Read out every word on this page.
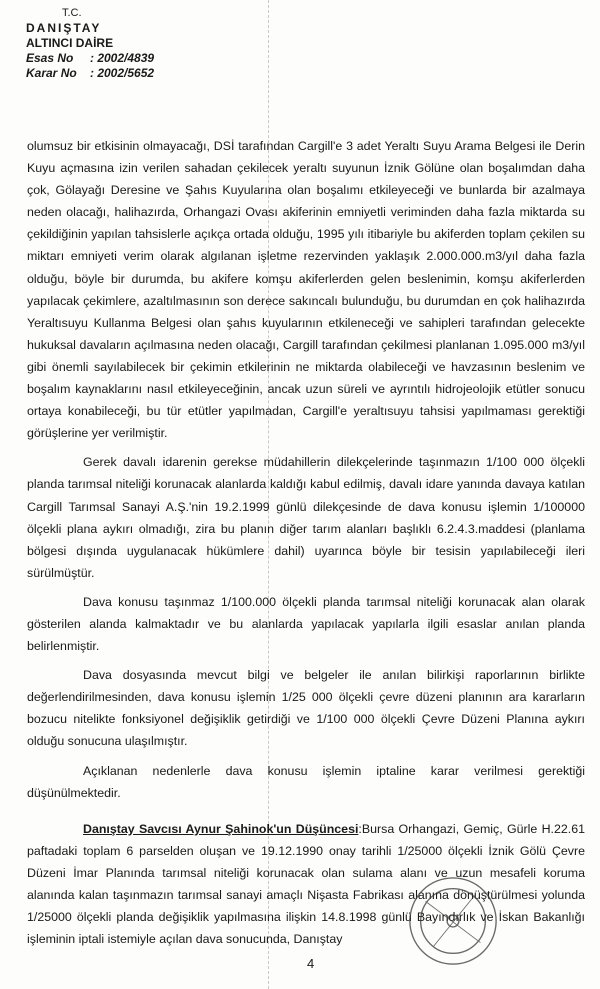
T.C.
DANIŞTAY
ALTINCI DAİRE
Esas No	: 2002/4839
Karar No	: 2002/5652

olumsuz bir etkisinin olmayacağı, DSİ tarafından Cargill'e 3 adet Yeraltı Suyu Arama Belgesi ile Derin Kuyu açmasına izin verilen sahadan çekilecek yeraltı suyunun İznik Gölüne olan boşalımdan daha çok, Gölayağı Deresine ve Şahıs Kuyularına olan boşalımı etkileyeceği ve bunlarda bir azalmaya neden olacağı, halihazırda, Orhangazi Ovası akiferinin emniyetli veriminden daha fazla miktarda su çekildiğinin yapılan tahsislerle açıkça ortada olduğu, 1995 yılı itibariyle bu akiferden toplam çekilen su miktarı emniyeti verim olarak algılanan işletme rezervinden yaklaşık 2.000.000.m3/yıl daha fazla olduğu, böyle bir durumda, bu akifere komşu akiferlerden gelen beslenimin, komşu akiferlerden yapılacak çekimlere, azaltılmasının son derece sakıncalı bulunduğu, bu durumdan en çok halihazırda Yeraltısuyu Kullanma Belgesi olan şahıs kuyularının etkileneceği ve sahipleri tarafından gelecekte hukuksal davaların açılmasına neden olacağı, Cargill tarafından çekilmesi planlanan 1.095.000 m3/yıl gibi önemli sayılabilecek bir çekimin etkilerinin ne miktarda olabileceği ve havzasının beslenim ve boşalım kaynaklarını nasıl etkileyeceğinin, ancak uzun süreli ve ayrıntılı hidrojeolojik etütler sonucu ortaya konabileceği, bu tür etütler yapılmadan, Cargill'e yeraltısuyu tahsisi yapılmaması gerektiği görüşlerine yer verilmiştir.

Gerek davalı idarenin gerekse müdahillerin dilekçelerinde taşınmazın 1/100 000 ölçekli planda tarımsal niteliği korunacak alanlarda kaldığı kabul edilmiş, davalı idare yanında davaya katılan Cargill Tarımsal Sanayi A.Ş.'nin 19.2.1999 günlü dilekçesinde de dava konusu işlemin 1/100000 ölçekli plana aykırı olmadığı, zira bu planın diğer tarım alanları başlıklı 6.2.4.3.maddesi (planlama bölgesi dışında uygulanacak hükümlere dahil) uyarınca böyle bir tesisin yapılabileceği ileri sürülmüştür.

Dava konusu taşınmaz 1/100.000 ölçekli planda tarımsal niteliği korunacak alan olarak gösterilen alanda kalmaktadır ve bu alanlarda yapılacak yapılarla ilgili esaslar anılan planda belirlenmiştir.

Dava dosyasında mevcut bilgi ve belgeler ile anılan bilirkişi raporlarının birlikte değerlendirilmesinden, dava konusu işlemin 1/25 000 ölçekli çevre düzeni planının ara kararların bozucu nitelikte fonksiyonel değişiklik getirdiği ve 1/100 000 ölçekli Çevre Düzeni Planına aykırı olduğu sonucuna ulaşılmıştır.

Açıklanan nedenlerle dava konusu işlemin iptaline karar verilmesi gerektiği düşünülmektedir.

Danıştay Savcısı Aynur Şahinok'un Düşüncesi:Bursa Orhangazi, Gemiç, Gürle H.22.61 paftadaki toplam 6 parselden oluşan ve 19.12.1990 onay tarihli 1/25000 ölçekli İznik Gölü Çevre Düzeni İmar Planında tarımsal niteliği korunacak olan sulama alanı ve uzun mesafeli koruma alanında kalan taşınmazın tarımsal sanayi amaçlı Nişasta Fabrikası alanına dönüştürülmesi yolunda 1/25000 ölçekli planda değişiklik yapılmasına ilişkin 14.8.1998 günlü Bayındırlık ve İskan Bakanlığı işleminin iptali istemiyle açılan dava sonucunda, Danıştay

4
